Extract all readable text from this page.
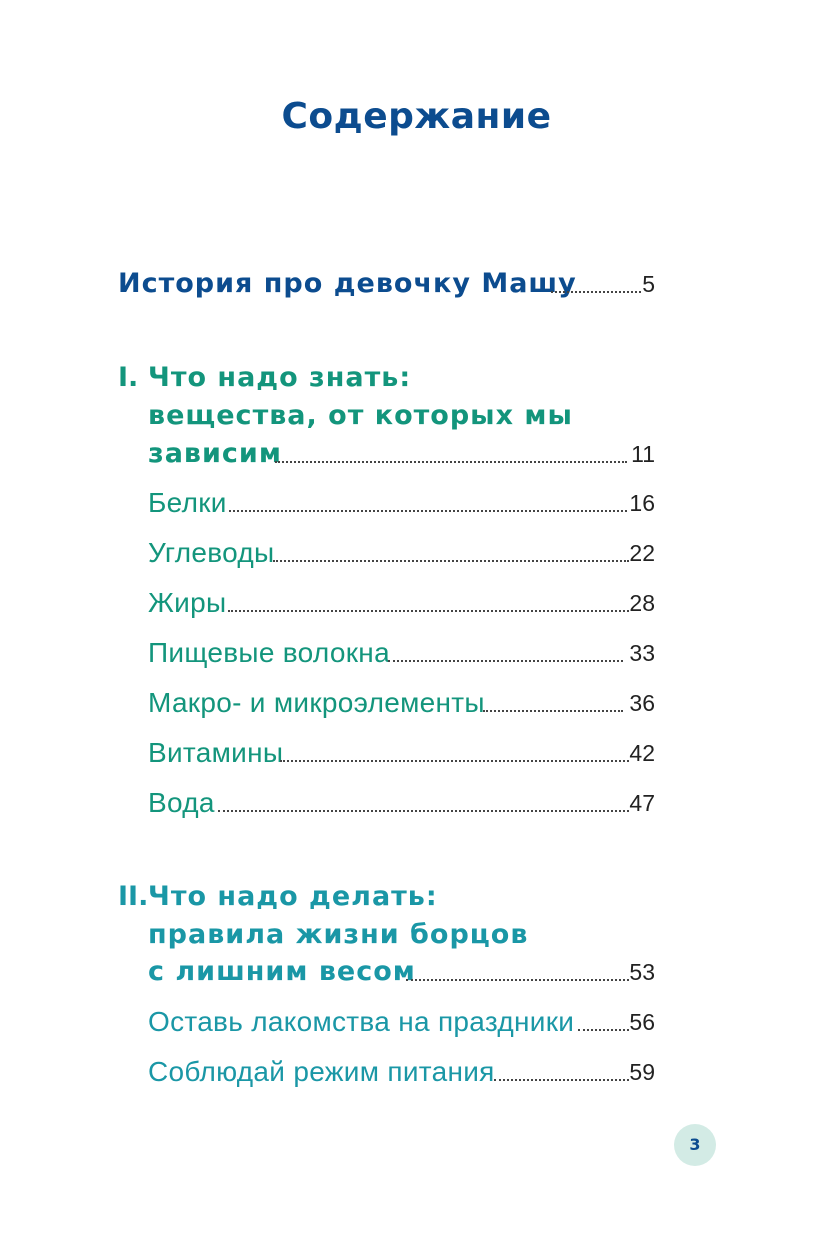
Содержание
История про девочку Машу	5
I. Что надо знать:
вещества, от которых мы
зависим	11
Белки	16
Углеводы	22
Жиры	28
Пищевые волокна	33
Макро- и микроэлементы	36
Витамины	42
Вода	47
II. Что надо делать:
правила жизни борцов
с лишним весом	53
Оставь лакомства на праздники 56
Соблюдай режим питания	59
3
